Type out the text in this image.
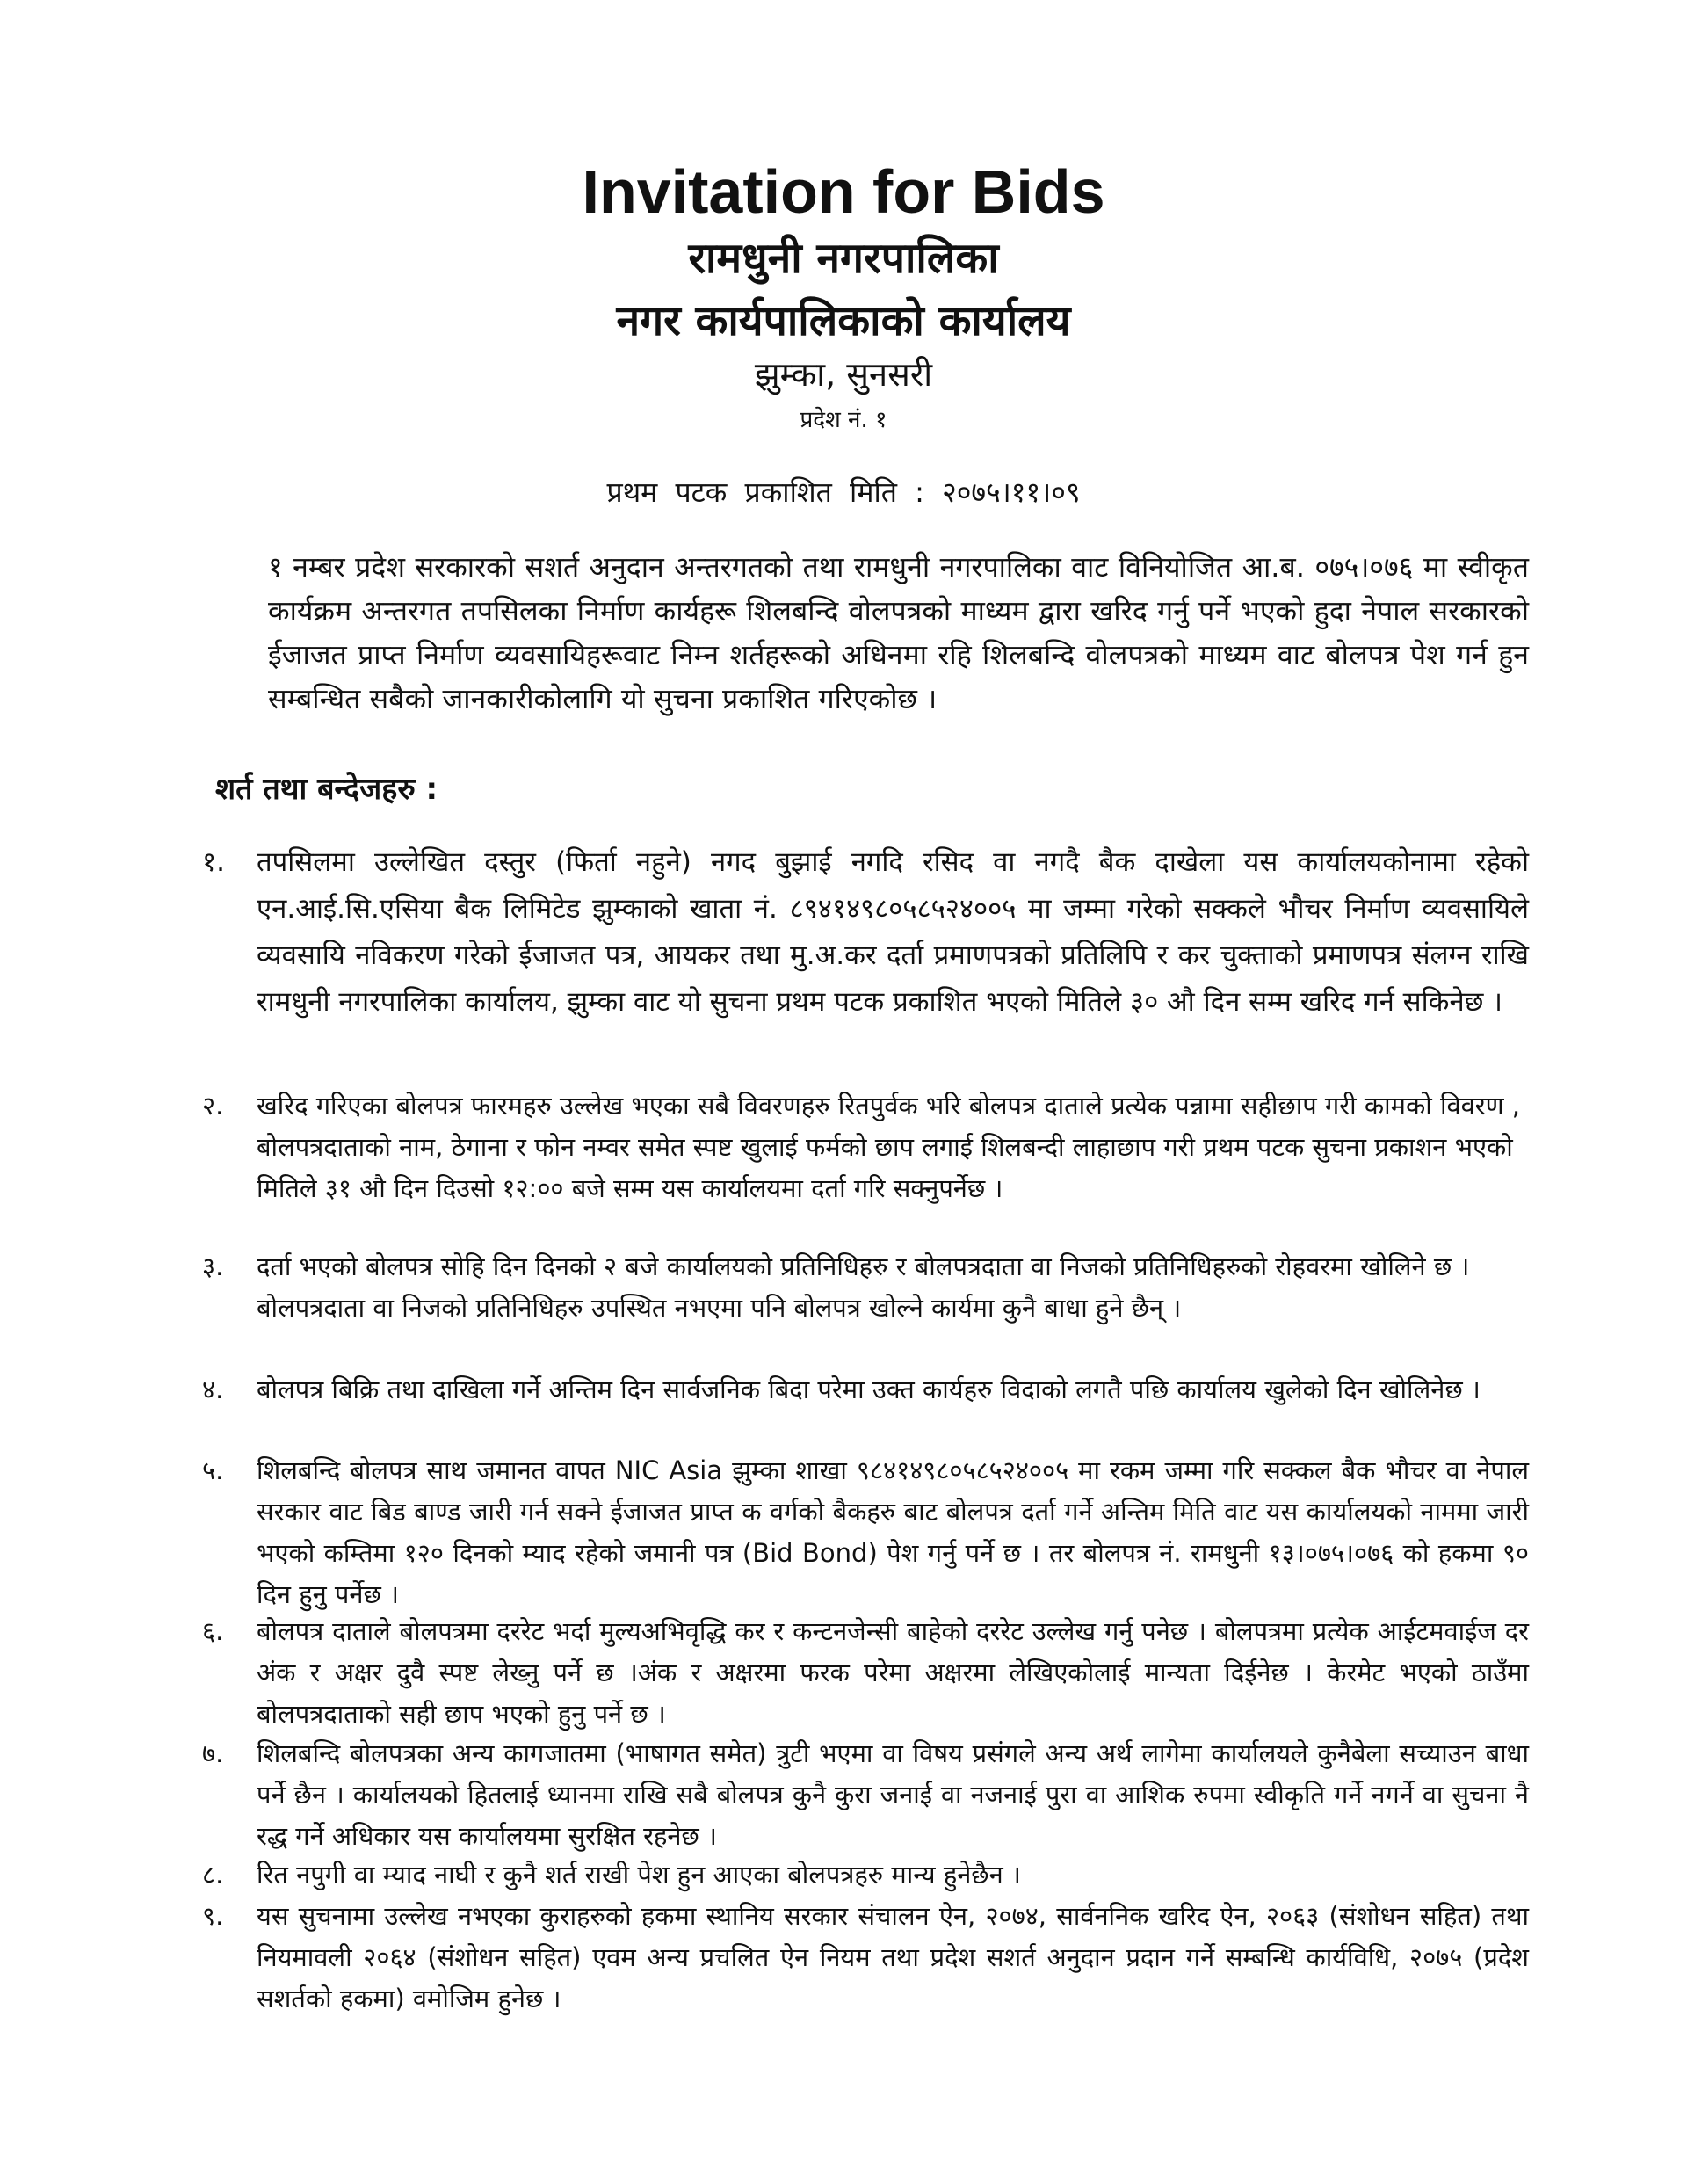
Invitation for Bids
रामधुनी नगरपालिका
नगर कार्यपालिकाको कार्यालय
झुम्का, सुनसरी
प्रदेश नं. १
प्रथम पटक प्रकाशित मिति : २०७५।११।०९
१ नम्बर प्रदेश सरकारको सशर्त अनुदान अन्तरगतको तथा रामधुनी नगरपालिका वाट विनियोजित आ.ब. ०७५।०७६ मा स्वीकृत कार्यक्रम अन्तरगत तपसिलका निर्माण कार्यहरू शिलबन्दि वोलपत्रको माध्यम द्वारा खरिद गर्नु पर्ने भएको हुदा नेपाल सरकारको ईजाजत प्राप्त निर्माण व्यवसायिहरूवाट निम्न शर्तहरूको अधिनमा रहि शिलबन्दि वोलपत्रको माध्यम वाट बोलपत्र पेश गर्न हुन सम्बन्धित सबैको जानकारीकोलागि यो सुचना प्रकाशित गरिएकोछ ।
शर्त तथा बन्देजहरु :
१.	तपसिलमा उल्लेखित दस्तुर (फिर्ता नहुने) नगद बुझाई नगदि रसिद वा नगदै बैक दाखेला यस कार्यालयकोनामा रहेको एन.आई.सि.एसिया बैक लिमिटेड झुम्काको खाता नं. ८९४१४९८०५८५२४००५ मा जम्मा गरेको सक्कले भौचर निर्माण व्यवसायिले व्यवसायि नविकरण गरेको ईजाजत पत्र, आयकर तथा मु.अ.कर दर्ता प्रमाणपत्रको प्रतिलिपि र कर चुक्ताको प्रमाणपत्र संलग्न राखि रामधुनी नगरपालिका कार्यालय, झुम्का वाट यो सुचना प्रथम पटक प्रकाशित भएको मितिले ३० औ दिन सम्म खरिद गर्न सकिनेछ ।
२.	खरिद गरिएका बोलपत्र फारमहरु उल्लेख भएका सबै विवरणहरु रितपुर्वक भरि बोलपत्र दाताले प्रत्येक पन्नामा सहीछाप गरी कामको विवरण , बोलपत्रदाताको नाम, ठेगाना र फोन नम्वर समेत स्पष्ट खुलाई फर्मको छाप लगाई शिलबन्दी लाहाछाप गरी प्रथम पटक सुचना प्रकाशन भएको मितिले ३१ औ दिन दिउसो १२:०० बजे सम्म यस कार्यालयमा दर्ता गरि सक्नुपर्नेछ ।
३.	दर्ता भएको बोलपत्र सोहि दिन दिनको २ बजे कार्यालयको प्रतिनिधिहरु र बोलपत्रदाता वा निजको प्रतिनिधिहरुको रोहवरमा खोलिने छ । बोलपत्रदाता वा निजको प्रतिनिधिहरु उपस्थित नभएमा पनि बोलपत्र खोल्ने कार्यमा कुनै बाधा हुने छैन् ।
४.	बोलपत्र बिक्रि तथा दाखिला गर्ने अन्तिम दिन सार्वजनिक बिदा परेमा उक्त कार्यहरु विदाको लगतै पछि कार्यालय खुलेको दिन खोलिनेछ ।
५.	शिलबन्दि बोलपत्र साथ जमानत वापत NIC Asia झुम्का शाखा ९८४१४९८०५८५२४००५ मा रकम जम्मा गरि सक्कल बैक भौचर वा नेपाल सरकार वाट बिड बाण्ड जारी गर्न सक्ने ईजाजत प्राप्त क वर्गको बैकहरु बाट बोलपत्र दर्ता गर्ने अन्तिम मिति वाट यस कार्यालयको नाममा जारी भएको कम्तिमा १२० दिनको म्याद रहेको जमानी पत्र (Bid Bond) पेश गर्नु पर्ने छ । तर बोलपत्र नं. रामधुनी १३।०७५।०७६ को हकमा ९० दिन हुनु पर्नेछ ।
६.	बोलपत्र दाताले बोलपत्रमा दररेट भर्दा मुल्यअभिवृद्धि कर र कन्टनजेन्सी बाहेको दररेट उल्लेख गर्नु पनेछ । बोलपत्रमा प्रत्येक आईटमवाईज दर अंक र अक्षर दुवै स्पष्ट लेख्नु पर्ने छ ।अंक र अक्षरमा फरक परेमा अक्षरमा लेखिएकोलाई मान्यता दिईनेछ । केरमेट भएको ठाउँमा बोलपत्रदाताको सही छाप भएको हुनु पर्ने छ ।
७.	शिलबन्दि बोलपत्रका अन्य कागजातमा (भाषागत समेत) त्रुटी भएमा वा विषय प्रसंगले अन्य अर्थ लागेमा कार्यालयले कुनैबेला सच्याउन बाधा पर्ने छैन । कार्यालयको हितलाई ध्यानमा राखि सबै बोलपत्र कुनै कुरा जनाई वा नजनाई पुरा वा आशिक रुपमा स्वीकृति गर्ने नगर्ने वा सुचना नै रद्ध गर्ने अधिकार यस कार्यालयमा सुरक्षित रहनेछ ।
८.	रित नपुगी वा म्याद नाघी र कुनै शर्त राखी पेश हुन आएका बोलपत्रहरु मान्य हुनेछैन ।
९.	यस सुचनामा उल्लेख नभएका कुराहरुको हकमा स्थानिय सरकार संचालन ऐन, २०७४, सार्वननिक खरिद ऐन, २०६३ (संशोधन सहित) तथा नियमावली २०६४ (संशोधन सहित) एवम अन्य प्रचलित ऐन नियम तथा प्रदेश सशर्त अनुदान प्रदान गर्ने सम्बन्धि कार्यविधि, २०७५ (प्रदेश सशर्तको हकमा) वमोजिम हुनेछ ।
